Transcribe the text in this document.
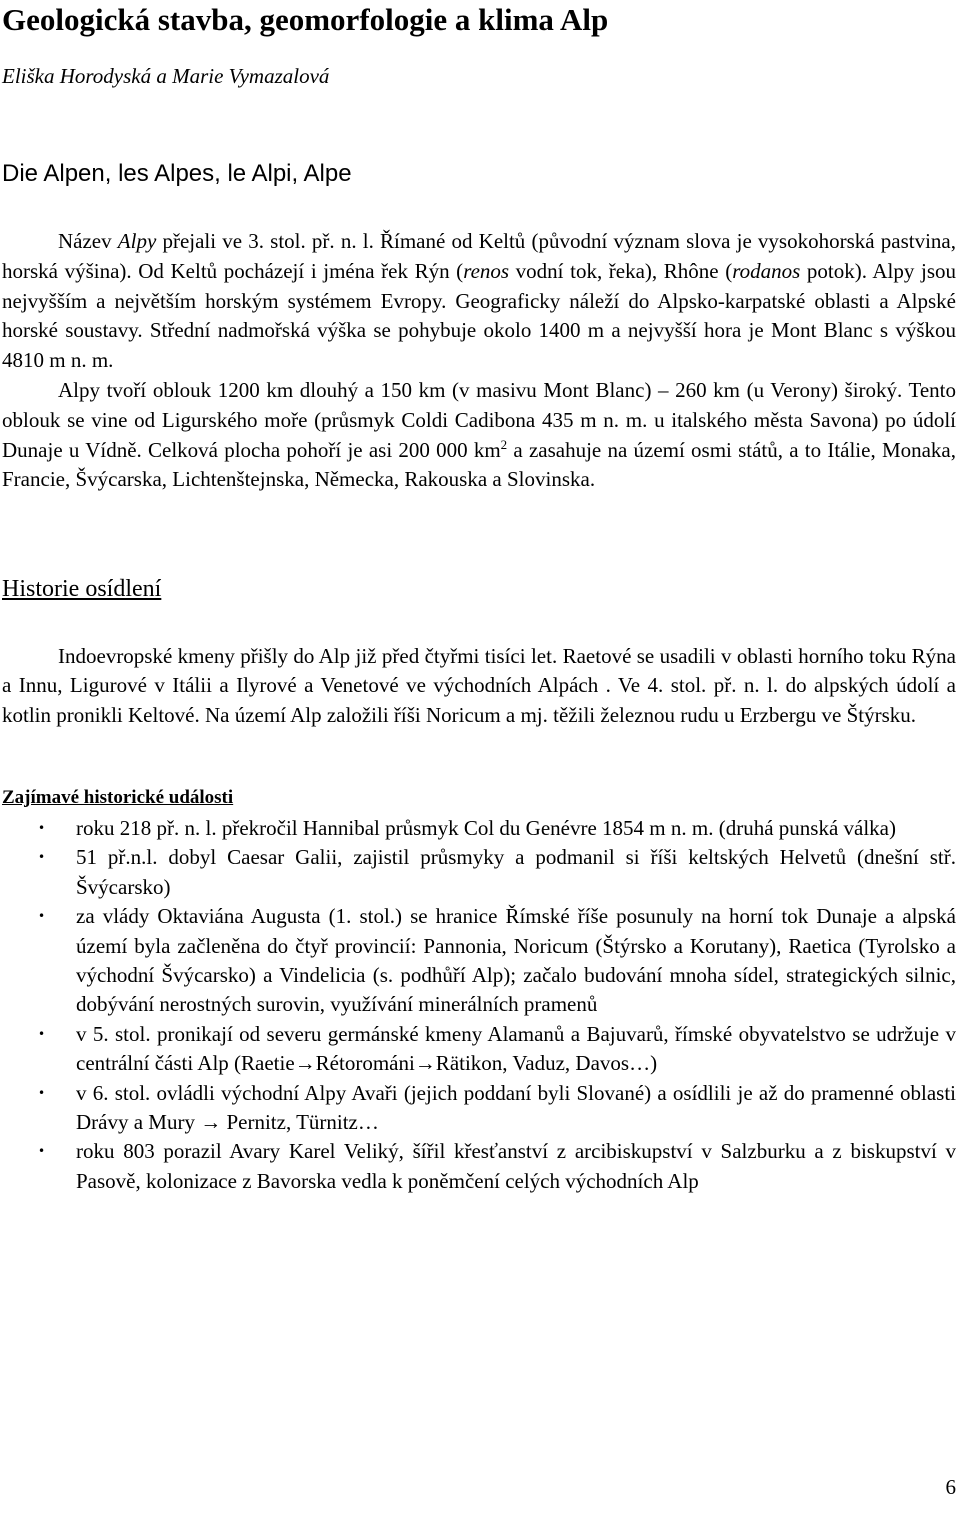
Geologická stavba, geomorfologie a klima Alp
Eliška Horodyská a Marie Vymazalová
Die Alpen, les Alpes, le Alpi, Alpe

Název Alpy přejali ve 3. stol. př. n. l. Římané od Keltů (původní význam slova je vysokohorská pastvina, horská výšina). Od Keltů pocházejí i jména řek Rýn (renos vodní tok, řeka), Rhône (rodanos potok). Alpy jsou nejvyšším a největším horským systémem Evropy. Geograficky náleží do Alpsko-karpatské oblasti a Alpské horské soustavy. Střední nadmořská výška se pohybuje okolo 1400 m a nejvyšší hora je Mont Blanc s výškou 4810 m n. m.
Alpy tvoří oblouk 1200 km dlouhý a 150 km (v masivu Mont Blanc) – 260 km (u Verony) široký. Tento oblouk se vine od Ligurského moře (průsmyk Coldi Cadibona 435 m n. m. u italského města Savona) po údolí Dunaje u Vídně. Celková plocha pohoří je asi 200 000 $km^2$ a zasahuje na území osmi států, a to Itálie, Monaka, Francie, Švýcarska, Lichtenštejnska, Německa, Rakouska a Slovinska.

Historie osídlení

Indoevropské kmeny přišly do Alp již před čtyřmi tisíci let. Raetové se usadili v oblasti horního toku Rýna a Innu, Ligurové v Itálii a Ilyrové a Venetové ve východních Alpách . Ve 4. stol. př. n. l. do alpských údolí a kotlin pronikli Keltové. Na území Alp založili říši Noricum a mj. těžili železnou rudu u Erzbergu ve Štýrsku.

Zajímavé historické události
• roku 218 př. n. l. překročil Hannibal průsmyk Col du Genévre 1854 m n. m. (druhá punská válka)
• 51 př.n.l. dobyl Caesar Galii, zajistil průsmyky a podmanil si říši keltských Helvetů (dnešní stř. Švýcarsko)
• za vlády Oktaviána Augusta (1. stol.) se hranice Římské říše posunuly na horní tok Dunaje a alpská území byla začleněna do čtyř provincií: Pannonia, Noricum (Štýrsko a Korutany), Raetica (Tyrolsko a východní Švýcarsko) a Vindelicia (s. podhůří Alp); začalo budování mnoha sídel, strategických silnic, dobývání nerostných surovin, využívání minerálních pramenů
• v 5. stol. pronikají od severu germánské kmeny Alamanů a Bajuvarů, římské obyvatelstvo se udržuje v centrální části Alp (Raetie→Rétorománi→Rätikon, Vaduz, Davos…)
• v 6. stol. ovládli východní Alpy Avaři (jejich poddaní byli Slované) a osídlili je až do pramenné oblasti Drávy a Mury → Pernitz, Türnitz…
• roku 803 porazil Avary Karel Veliký, šířil křesťanství z arcibiskupství v Salzburku a z biskupství v Pasově, kolonizace z Bavorska vedla k poněmčení celých východních Alp
6
